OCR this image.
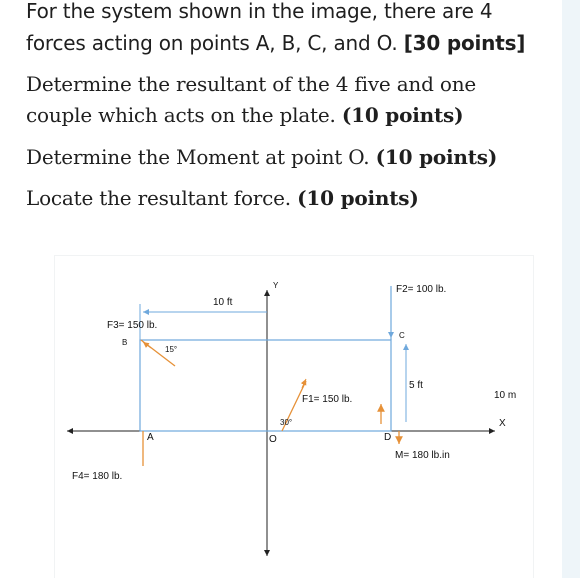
For the system shown in the image, there are 4
forces acting on points A, B, C, and O. [30 points]
Determine the resultant of the 4 five and one
couple which acts on the plate. (10 points)
Determine the Moment at point O. (10 points)
Locate the resultant force. (10 points)
10 ft
Y	F2= 100 lb.
F3= 150 lb.
B
15°
C
5 ft
10 m
F1= 150 lb.
30°
A	O	D
X
M= 180 lb.in
F4= 180 lb.
